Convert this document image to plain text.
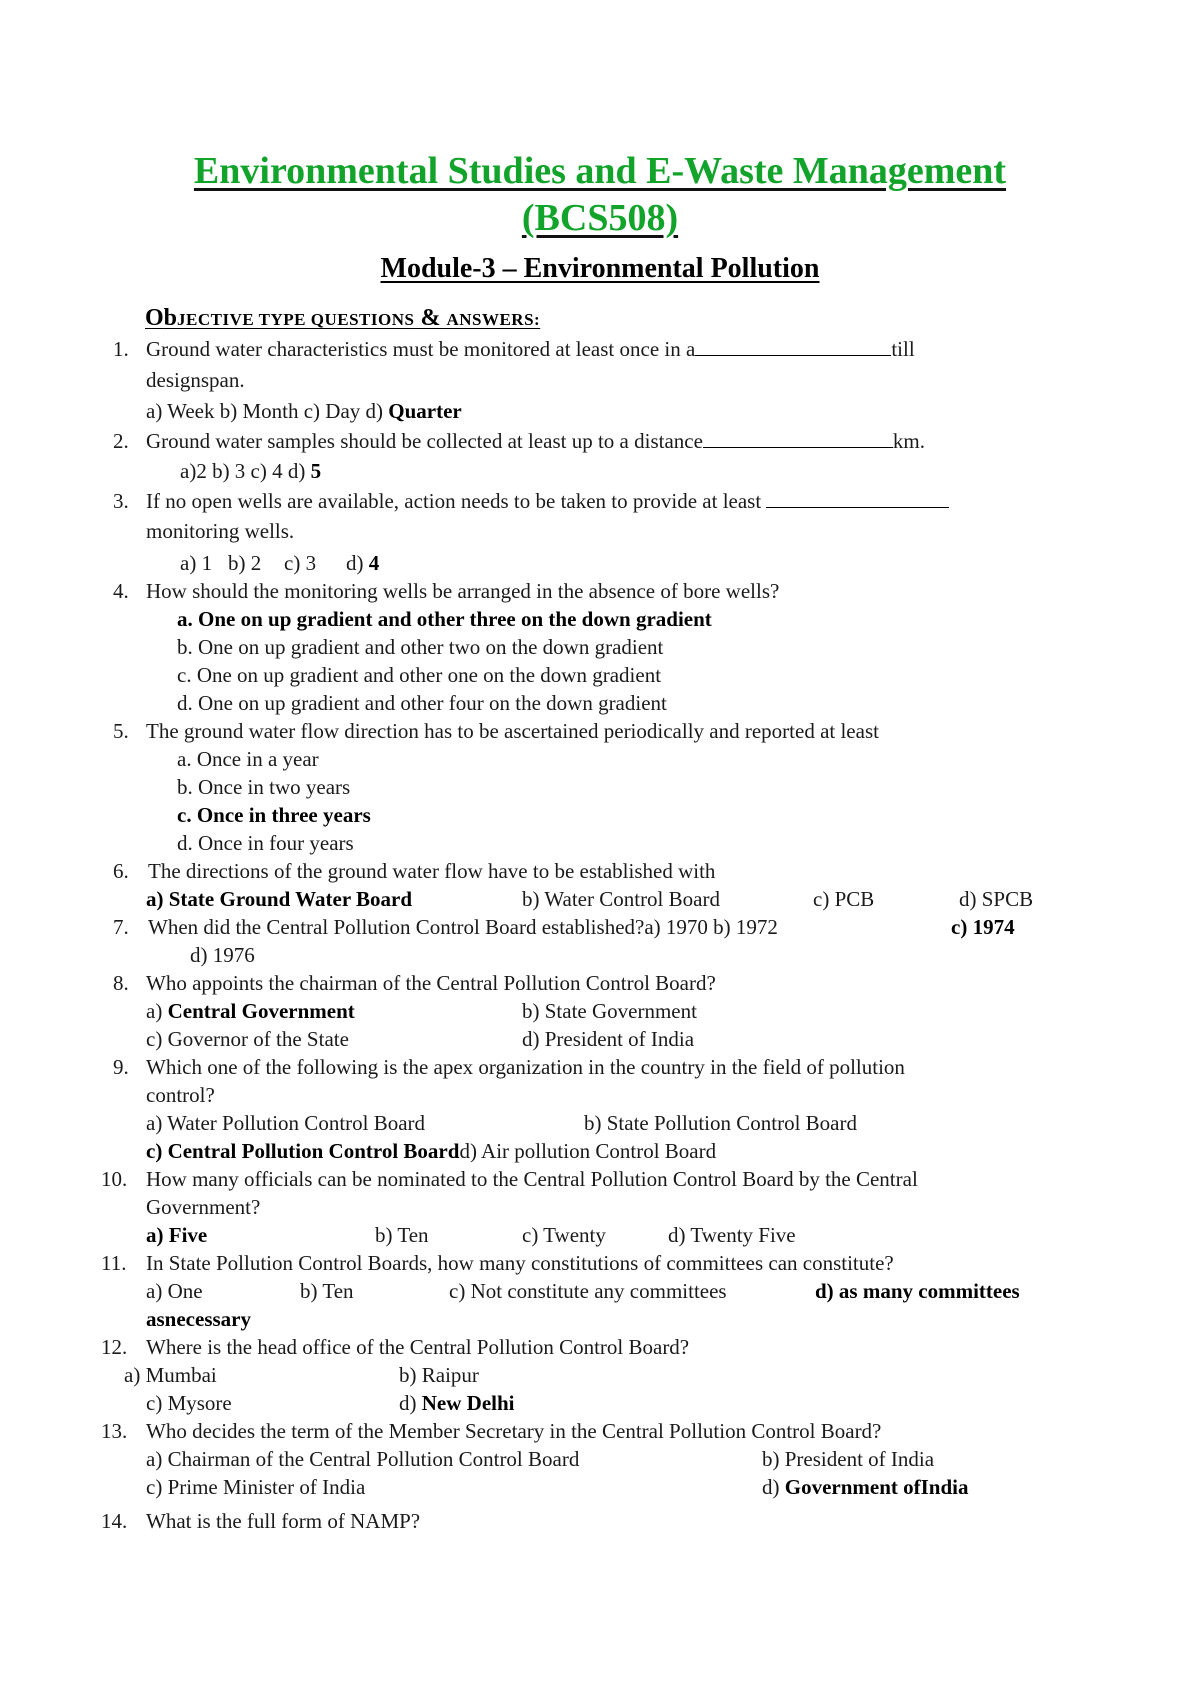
Environmental Studies and E-Waste Management
(BCS508)
Module-3 – Environmental Pollution
ObJECTIVE TYPE QUESTIONS & ANSWERS:
1. Ground water characteristics must be monitored at least once in a	till
designspan.
a) Week b) Month c) Day d) Quarter
2. Ground water samples should be collected at least up to a distance	km.
a)2 b) 3 c) 4 d) 5
3. If no open wells are available, action needs to be taken to provide at least
monitoring wells.
a) 1 b) 2 c) 3 d) 4
4. How should the monitoring wells be arranged in the absence of bore wells?
a. One on up gradient and other three on the down gradient
b. One on up gradient and other two on the down gradient
c. One on up gradient and other one on the down gradient
d. One on up gradient and other four on the down gradient
5. The ground water flow direction has to be ascertained periodically and reported at least
a. Once in a year
b. Once in two years
c. Once in three years
d. Once in four years
6. The directions of the ground water flow have to be established with
a) State Ground Water Board	b) Water Control Board	c) PCB	d) SPCB
7. When did the Central Pollution Control Board established?a) 1970 b) 1972	c) 1974
d) 1976
8. Who appoints the chairman of the Central Pollution Control Board?
a) Central Government	b) State Government
c) Governor of the State	d) President of India
9. Which one of the following is the apex organization in the country in the field of pollution
control?
a) Water Pollution Control Board	b) State Pollution Control Board
c) Central Pollution Control Boardd) Air pollution Control Board
10. How many officials can be nominated to the Central Pollution Control Board by the Central
Government?
a) Five	b) Ten	c) Twenty	d) Twenty Five
11. In State Pollution Control Boards, how many constitutions of committees can constitute?
a) One	b) Ten	c) Not constitute any committees	d) as many committees
asnecessary
12. Where is the head office of the Central Pollution Control Board?
a) Mumbai	b) Raipur
c) Mysore	d) New Delhi
13. Who decides the term of the Member Secretary in the Central Pollution Control Board?
a) Chairman of the Central Pollution Control Board	b) President of India
c) Prime Minister of India	d) Government ofIndia
14. What is the full form of NAMP?
